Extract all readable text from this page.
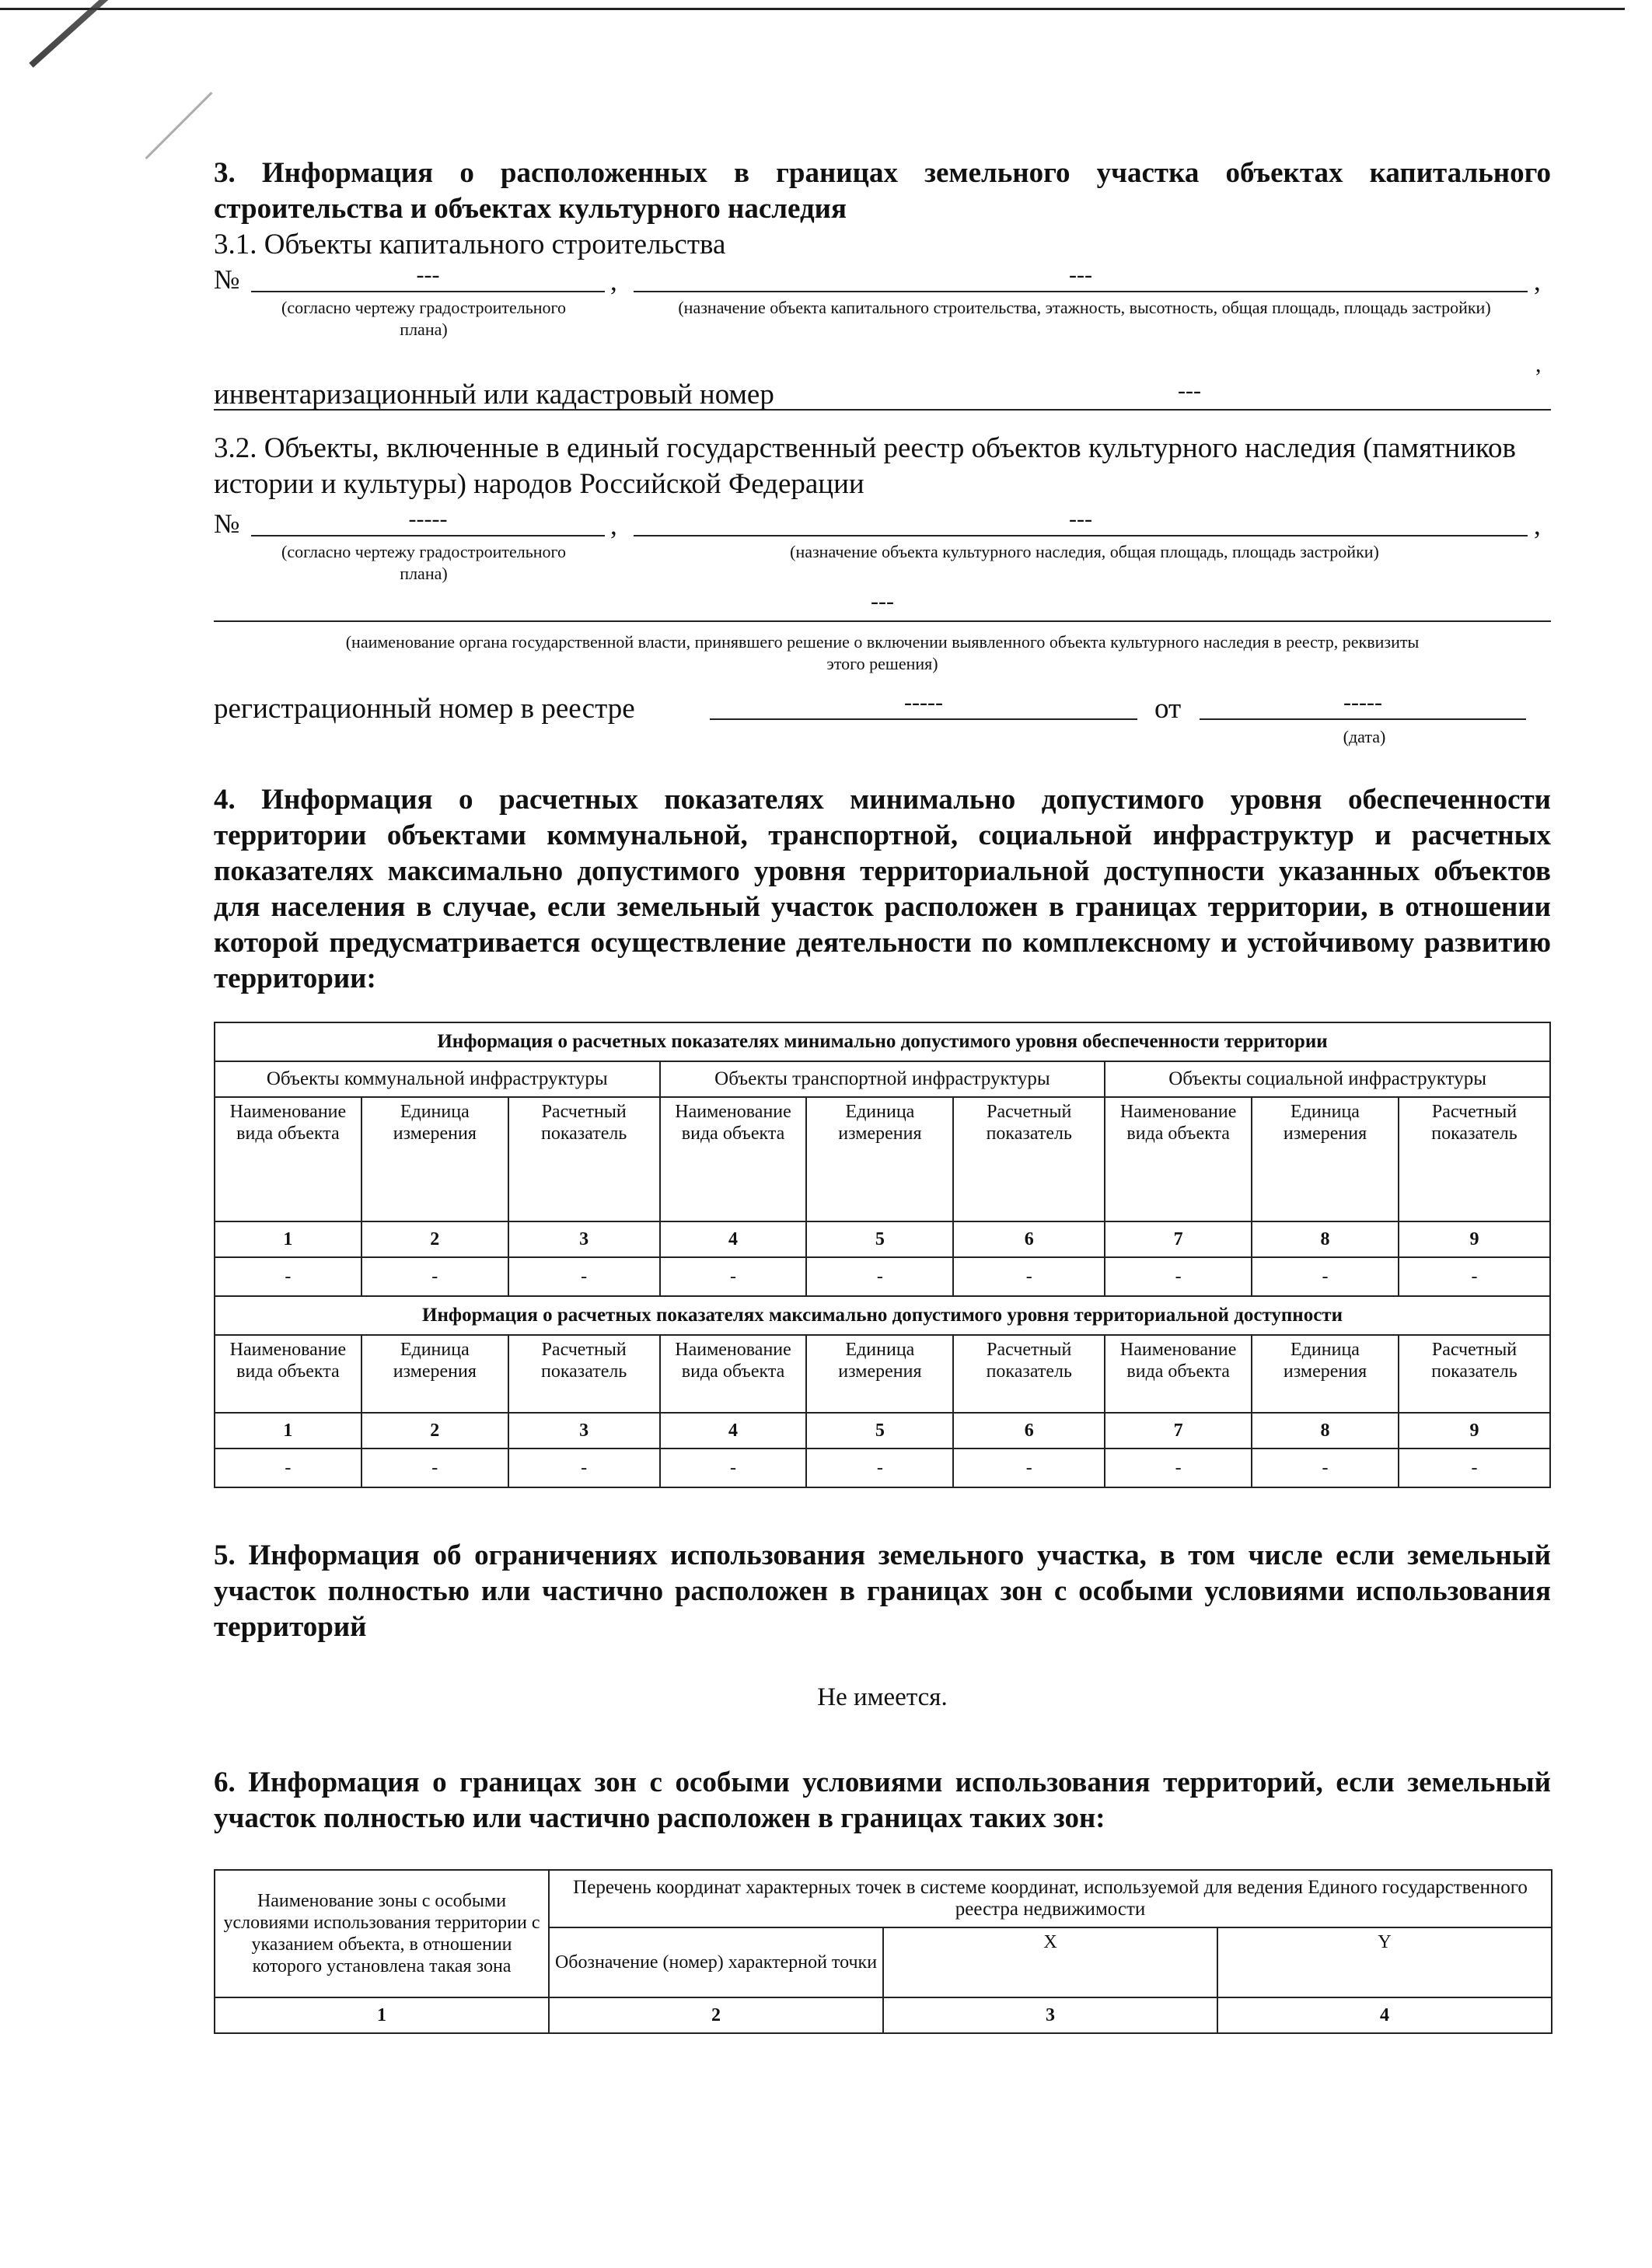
3. Информация о расположенных в границах земельного участка объектах капитального строительства и объектах культурного наследия
3.1. Объекты капитального строительства
№	---	,	---	,
(согласно чертежу градостроительного плана)
(назначение объекта капитального строительства, этажность, высотность, общая площадь, площадь застройки)
инвентаризационный или кадастровый номер	---
,
3.2. Объекты, включенные в единый государственный реестр объектов культурного наследия (памятников истории и культуры) народов Российской Федерации
№	-----	,	---	,
(согласно чертежу градостроительного плана)
(назначение объекта культурного наследия, общая площадь, площадь застройки)
---
(наименование органа государственной власти, принявшего решение о включении выявленного объекта культурного наследия в реестр, реквизиты этого решения)
регистрационный номер в реестре	-----	от	-----
(дата)
4. Информация о расчетных показателях минимально допустимого уровня обеспеченности территории объектами коммунальной, транспортной, социальной инфраструктур и расчетных показателях максимально допустимого уровня территориальной доступности указанных объектов для населения в случае, если земельный участок расположен в границах территории, в отношении которой предусматривается осуществление деятельности по комплексному и устойчивому развитию территории:
Информация о расчетных показателях минимально допустимого уровня обеспеченности территории								
Объекты коммунальной инфраструктуры			Объекты транспортной инфраструктуры			Объекты социальной инфраструктуры		
Наименование вида объекта	Единица измерения	Расчетный показатель	Наименование вида объекта	Единица измерения	Расчетный показатель	Наименование вида объекта	Единица измерения	Расчетный показатель
1	2	3	4	5	6	7	8	9
-	-	-	-	-	-	-	-	-
Информация о расчетных показателях максимально допустимого уровня территориальной доступности								
Наименование вида объекта	Единица измерения	Расчетный показатель	Наименование вида объекта	Единица измерения	Расчетный показатель	Наименование вида объекта	Единица измерения	Расчетный показатель
1	2	3	4	5	6	7	8	9
-	-	-	-	-	-	-	-	-
5. Информация об ограничениях использования земельного участка, в том числе если земельный участок полностью или частично расположен в границах зон с особыми условиями использования территорий
Не имеется.
6. Информация о границах зон с особыми условиями использования территорий, если земельный участок полностью или частично расположен в границах таких зон:
Наименование зоны с особыми условиями использования территории с указанием объекта, в отношении которого установлена такая зона	Перечень координат характерных точек в системе координат, используемой для ведения Единого государственного реестра недвижимости		
	Обозначение (номер) характерной точки	X	Y
1	2	3	4
